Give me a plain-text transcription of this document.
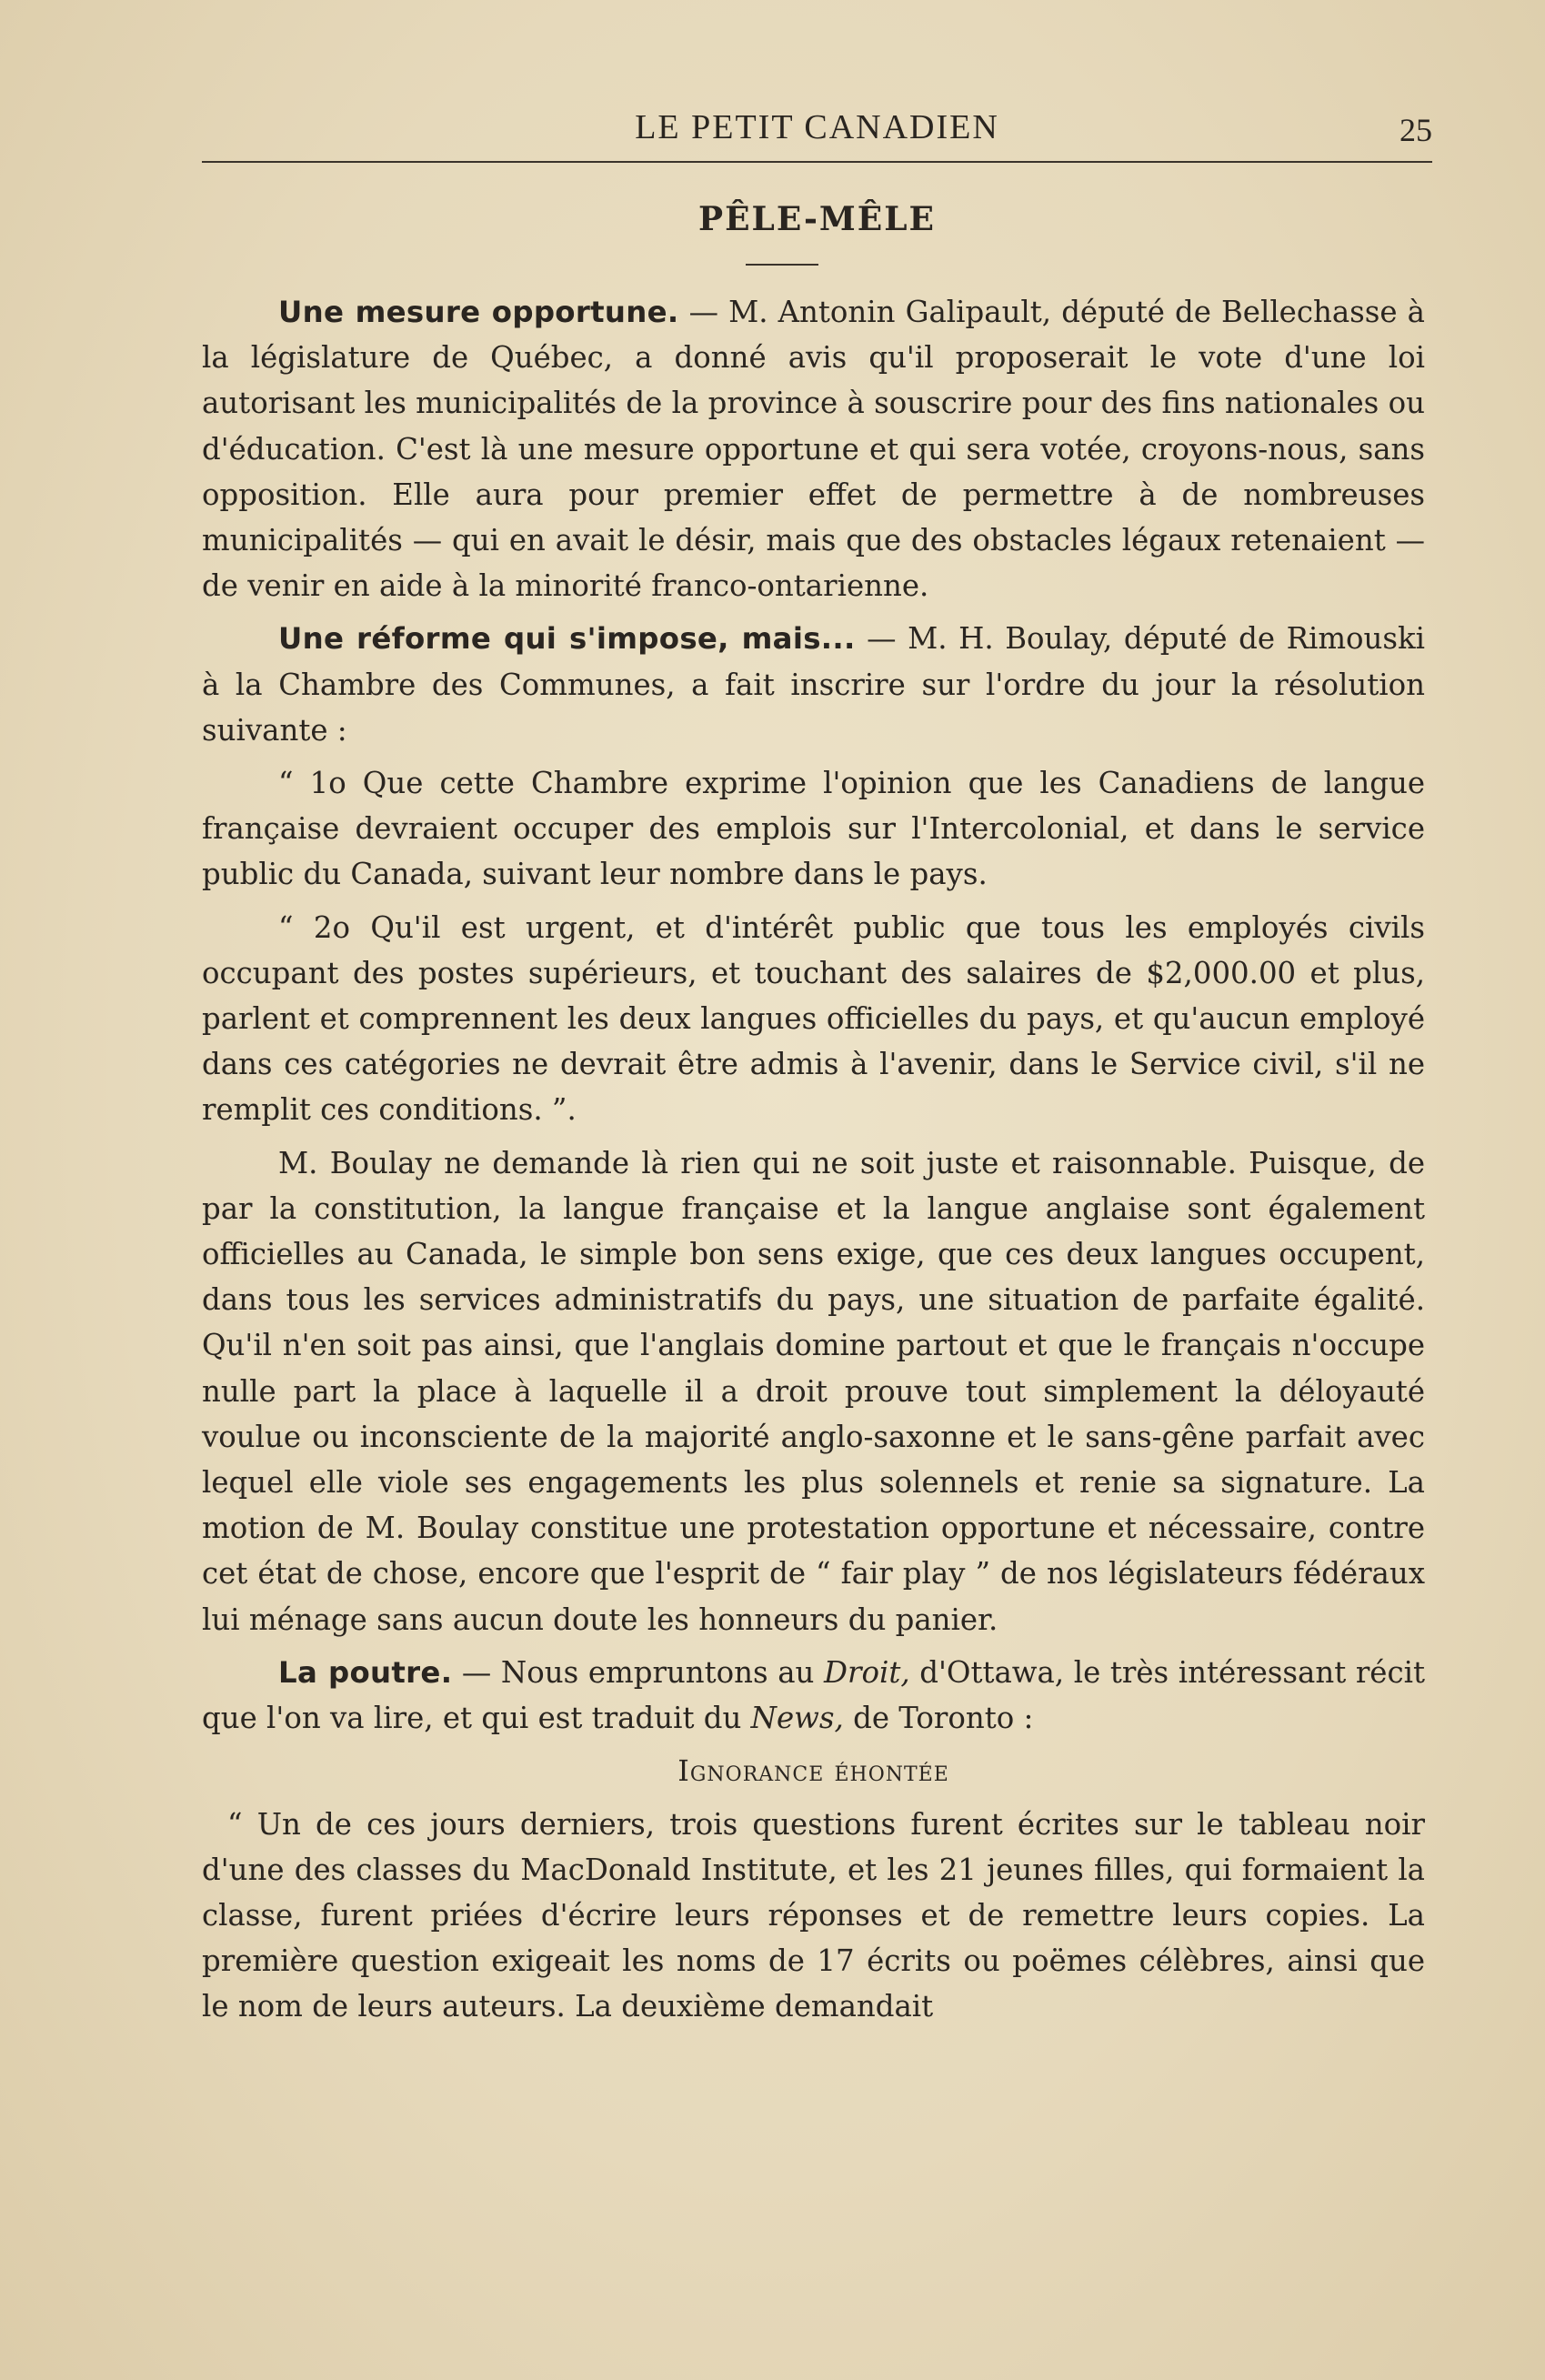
LE PETIT CANADIEN	25
PÊLE-MÊLE

Une mesure opportune. — M. Antonin Galipault, député de Bellechasse à la législature de Québec, a donné avis qu'il proposerait le vote d'une loi autorisant les municipalités de la province à souscrire pour des fins nationales ou d'éducation. C'est là une mesure opportune et qui sera votée, croyons-nous, sans opposition. Elle aura pour premier effet de permettre à de nombreuses municipalités — qui en avait le désir, mais que des obstacles légaux retenaient — de venir en aide à la minorité franco-ontarienne.

Une réforme qui s'impose, mais... — M. H. Boulay, député de Rimouski à la Chambre des Communes, a fait inscrire sur l'ordre du jour la résolution suivante :

“ 1o Que cette Chambre exprime l'opinion que les Canadiens de langue française devraient occuper des emplois sur l'Intercolonial, et dans le service public du Canada, suivant leur nombre dans le pays.

“ 2o Qu'il est urgent, et d'intérêt public que tous les employés civils occupant des postes supérieurs, et touchant des salaires de $2,000.00 et plus, parlent et comprennent les deux langues officielles du pays, et qu'aucun employé dans ces catégories ne devrait être admis à l'avenir, dans le Service civil, s'il ne remplit ces conditions. ”.

M. Boulay ne demande là rien qui ne soit juste et raisonnable. Puisque, de par la constitution, la langue française et la langue anglaise sont également officielles au Canada, le simple bon sens exige, que ces deux langues occupent, dans tous les services administratifs du pays, une situation de parfaite égalité. Qu'il n'en soit pas ainsi, que l'anglais domine partout et que le français n'occupe nulle part la place à laquelle il a droit prouve tout simplement la déloyauté voulue ou inconsciente de la majorité anglo-saxonne et le sans-gêne parfait avec lequel elle viole ses engagements les plus solennels et renie sa signature. La motion de M. Boulay constitue une protestation opportune et nécessaire, contre cet état de chose, encore que l'esprit de “ fair play ” de nos législateurs fédéraux lui ménage sans aucun doute les honneurs du panier.

La poutre. — Nous empruntons au Droit, d'Ottawa, le très intéressant récit que l'on va lire, et qui est traduit du News, de Toronto :

Ignorance éhontée

“ Un de ces jours derniers, trois questions furent écrites sur le tableau noir d'une des classes du MacDonald Institute, et les 21 jeunes filles, qui formaient la classe, furent priées d'écrire leurs réponses et de remettre leurs copies. La première question exigeait les noms de 17 écrits ou poëmes célèbres, ainsi que le nom de leurs auteurs. La deuxième demandait
